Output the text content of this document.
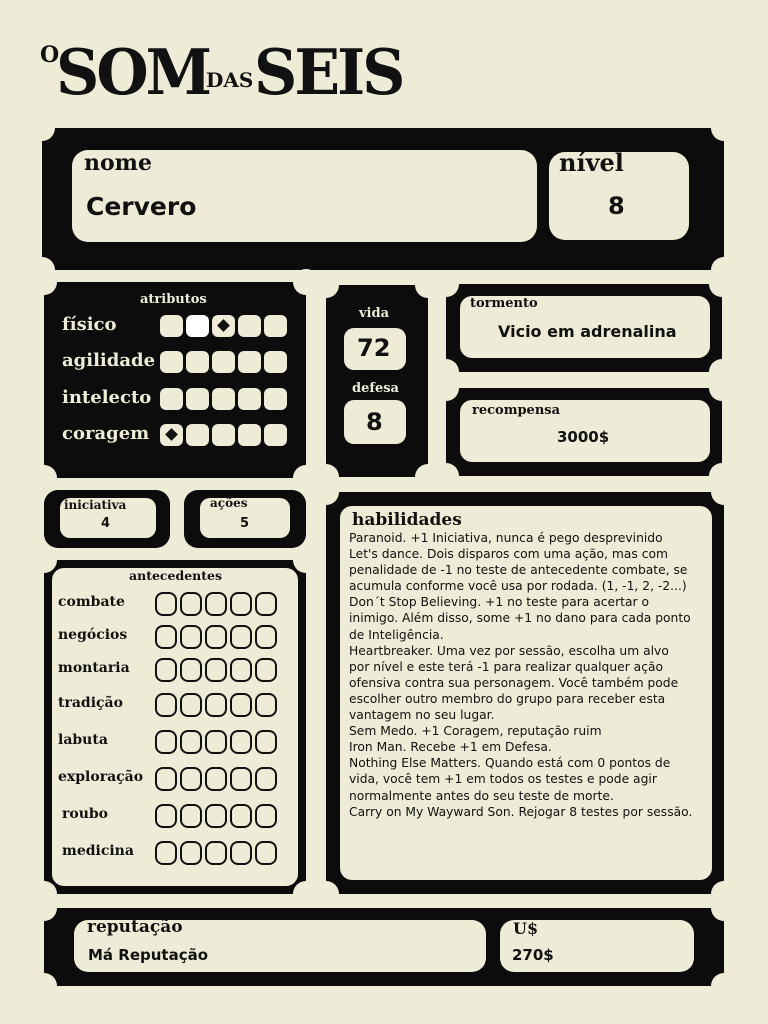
O
SOM
DAS SEIS
nome
Cervero
nível
8
atributos
físico
agilidade
intelecto
coragem
vida
72
defesa
8
tormento
Vicio em adrenalina
recompensa
3000$
iniciativa
4
ações
5
antecedentes
combate
negócios
montaria
tradição
labuta
exploração
roubo
medicina
habilidades
Paranoid. +1 Iniciativa, nunca é pego desprevinido
Let's dance. Dois disparos com uma ação, mas com
penalidade de -1 no teste de antecedente combate, se
acumula conforme você usa por rodada. (1, -1, 2, -2...)
Don´t Stop Believing. +1 no teste para acertar o
inimigo. Além disso, some +1 no dano para cada ponto
de Inteligência.
Heartbreaker. Uma vez por sessão, escolha um alvo
por nível e este terá -1 para realizar qualquer ação
ofensiva contra sua personagem. Você também pode
escolher outro membro do grupo para receber esta
vantagem no seu lugar.
Sem Medo. +1 Coragem, reputação ruim
Iron Man. Recebe +1 em Defesa.
Nothing Else Matters. Quando está com 0 pontos de
vida, você tem +1 em todos os testes e pode agir
normalmente antes do seu teste de morte.
Carry on My Wayward Son. Rejogar 8 testes por sessão.
reputação
Má Reputação
U$
270$
